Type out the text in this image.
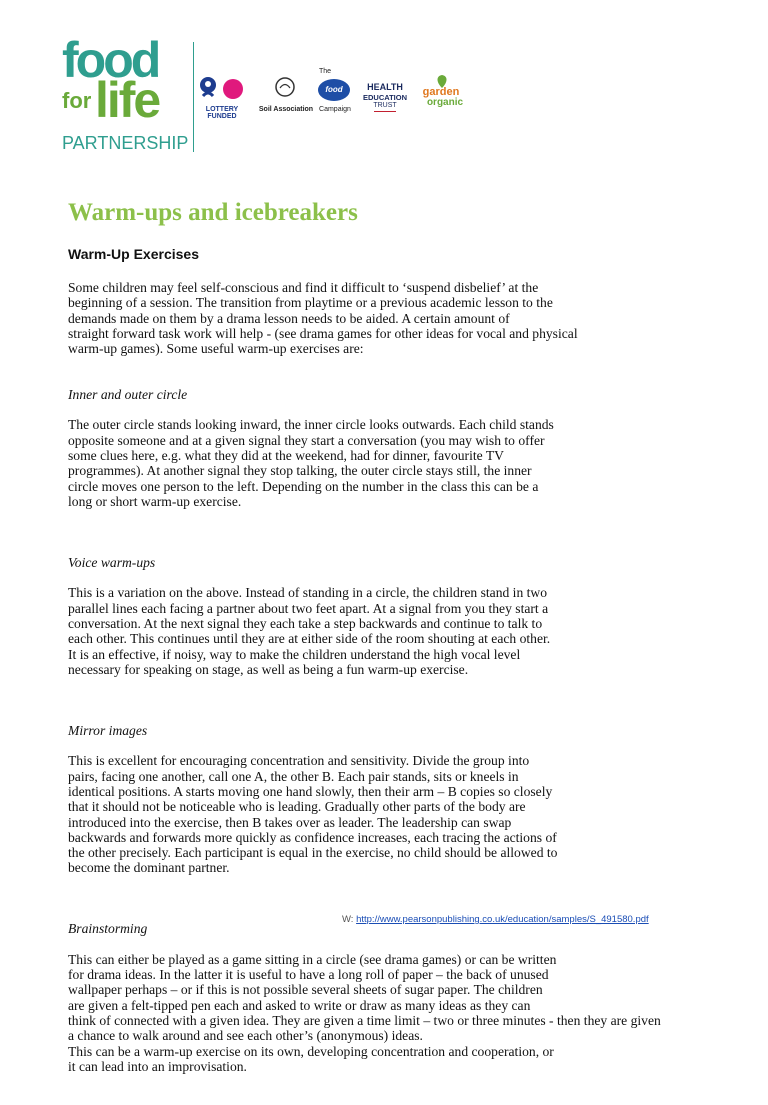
food
for life
PARTNERSHIP
LOTTERY FUNDED
Soil Association
The
food
Campaign
HEALTH
EDUCATION
TRUST
garden
organic
Warm-ups and icebreakers
Warm-Up Exercises

Some children may feel self-conscious and find it difficult to ‘suspend disbelief’ at the
beginning of a session. The transition from playtime or a previous academic lesson to the
demands made on them by a drama lesson needs to be aided. A certain amount of
straight forward task work will help - (see drama games for other ideas for vocal and physical
warm-up games). Some useful warm-up exercises are:

Inner and outer circle

The outer circle stands looking inward, the inner circle looks outwards. Each child stands
opposite someone and at a given signal they start a conversation (you may wish to offer
some clues here, e.g. what they did at the weekend, had for dinner, favourite TV
programmes). At another signal they stop talking, the outer circle stays still, the inner
circle moves one person to the left. Depending on the number in the class this can be a
long or short warm-up exercise.

Voice warm-ups

This is a variation on the above. Instead of standing in a circle, the children stand in two
parallel lines each facing a partner about two feet apart. At a signal from you they start a
conversation. At the next signal they each take a step backwards and continue to talk to
each other. This continues until they are at either side of the room shouting at each other.
It is an effective, if noisy, way to make the children understand the high vocal level
necessary for speaking on stage, as well as being a fun warm-up exercise.

Mirror images

This is excellent for encouraging concentration and sensitivity. Divide the group into
pairs, facing one another, call one A, the other B. Each pair stands, sits or kneels in
identical positions. A starts moving one hand slowly, then their arm – B copies so closely
that it should not be noticeable who is leading. Gradually other parts of the body are
introduced into the exercise, then B takes over as leader. The leadership can swap
backwards and forwards more quickly as confidence increases, each tracing the actions of
the other precisely. Each participant is equal in the exercise, no child should be allowed to
become the dominant partner.

Brainstorming

This can either be played as a game sitting in a circle (see drama games) or can be written
for drama ideas. In the latter it is useful to have a long roll of paper – the back of unused
wallpaper perhaps – or if this is not possible several sheets of sugar paper. The children
are given a felt-tipped pen each and asked to write or draw as many ideas as they can
think of connected with a given idea. They are given a time limit – two or three minutes - then they are given
a chance to walk around and see each other’s (anonymous) ideas.
This can be a warm-up exercise on its own, developing concentration and cooperation, or
it can lead into an improvisation.

W: http://www.pearsonpublishing.co.uk/education/samples/S_491580.pdf
